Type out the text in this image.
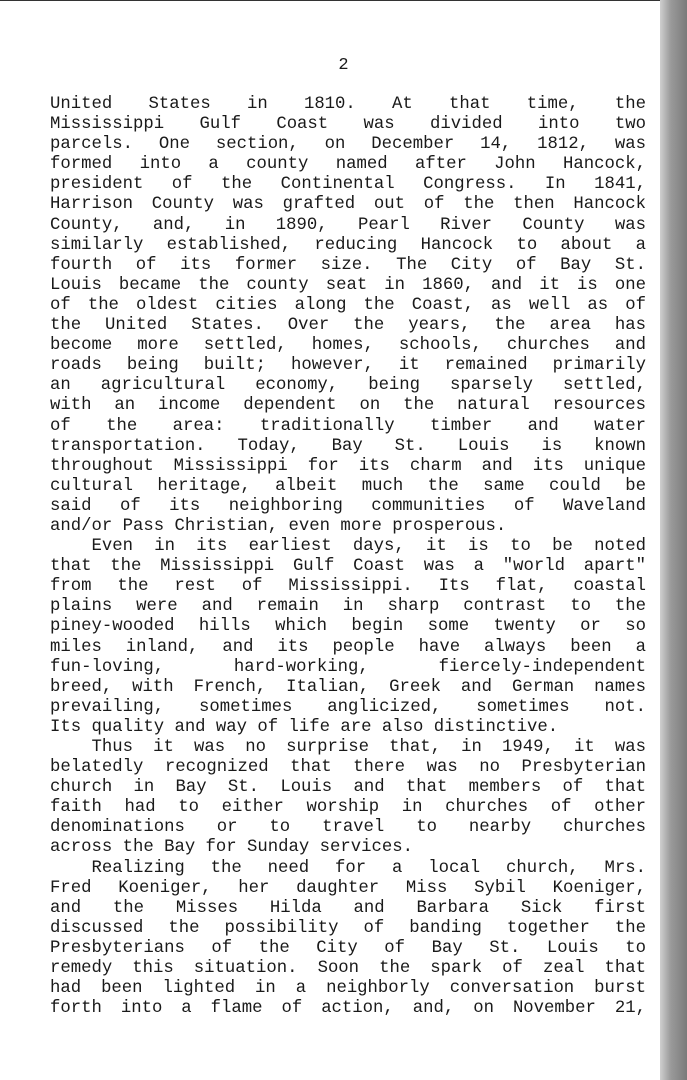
2
United States in 1810. At that time, the
Mississippi Gulf Coast was divided into two
parcels. One section, on December 14, 1812, was
formed into a county named after John Hancock,
president of the Continental Congress. In 1841,
Harrison County was grafted out of the then Hancock
County, and, in 1890, Pearl River County was
similarly established, reducing Hancock to about a
fourth of its former size. The City of Bay St.
Louis became the county seat in 1860, and it is one
of the oldest cities along the Coast, as well as of
the United States. Over the years, the area has
become more settled, homes, schools, churches and
roads being built; however, it remained primarily
an agricultural economy, being sparsely settled,
with an income dependent on the natural resources
of the area: traditionally timber and water
transportation. Today, Bay St. Louis is known
throughout Mississippi for its charm and its unique
cultural heritage, albeit much the same could be
said of its neighboring communities of Waveland
and/or Pass Christian, even more prosperous.
Even in its earliest days, it is to be noted
that the Mississippi Gulf Coast was a "world apart"
from the rest of Mississippi. Its flat, coastal
plains were and remain in sharp contrast to the
piney-wooded hills which begin some twenty or so
miles inland, and its people have always been a
fun-loving, hard-working, fiercely-independent
breed, with French, Italian, Greek and German names
prevailing, sometimes anglicized, sometimes not.
Its quality and way of life are also distinctive.
Thus it was no surprise that, in 1949, it was
belatedly recognized that there was no Presbyterian
church in Bay St. Louis and that members of that
faith had to either worship in churches of other
denominations or to travel to nearby churches
across the Bay for Sunday services.
Realizing the need for a local church, Mrs.
Fred Koeniger, her daughter Miss Sybil Koeniger,
and the Misses Hilda and Barbara Sick first
discussed the possibility of banding together the
Presbyterians of the City of Bay St. Louis to
remedy this situation. Soon the spark of zeal that
had been lighted in a neighborly conversation burst
forth into a flame of action, and, on November 21,
